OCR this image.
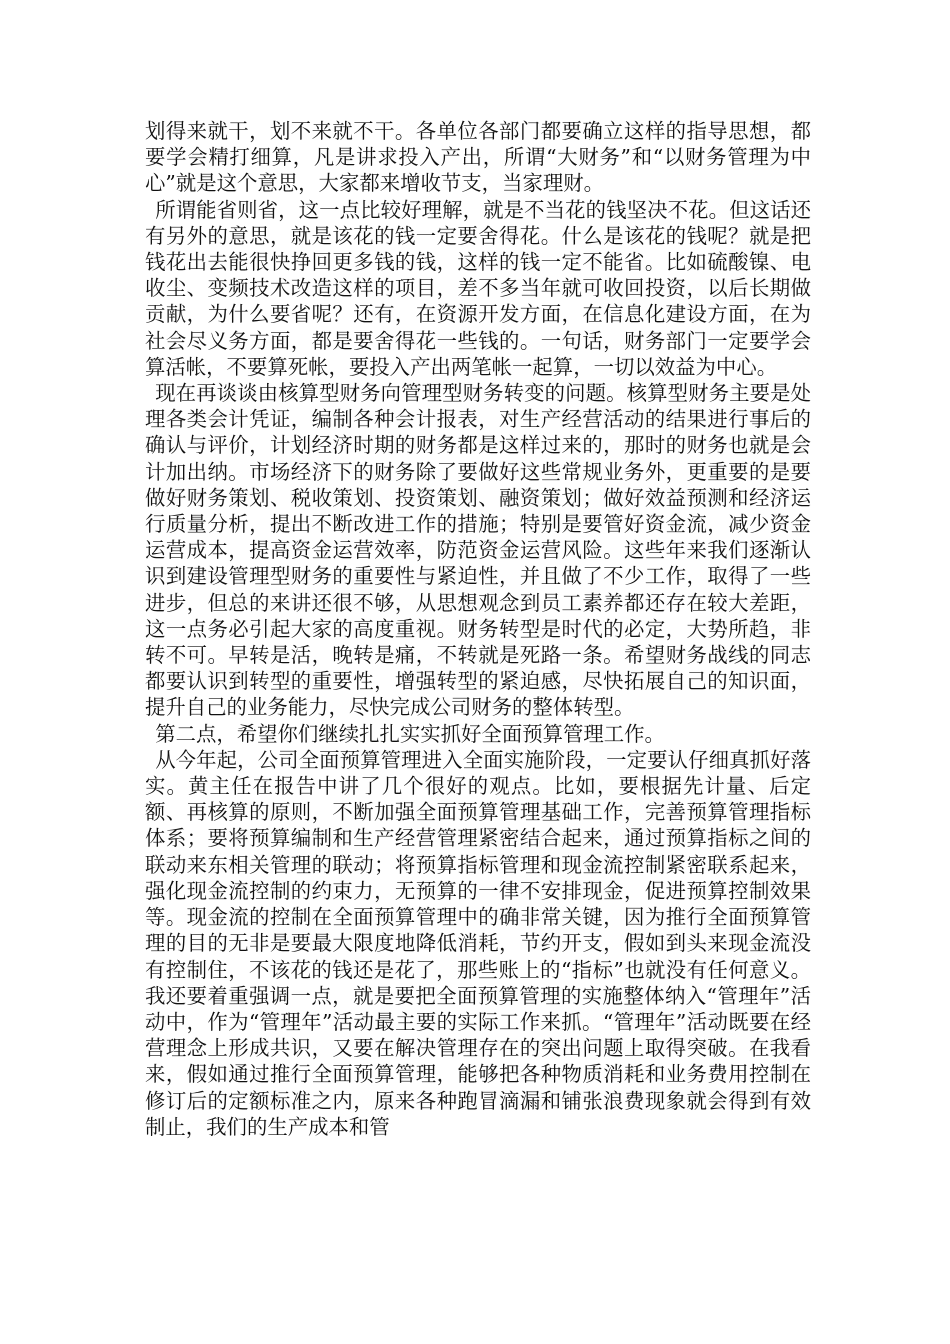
划得来就干，划不来就不干。各单位各部门都要确立这样的指导思想，都要学会精打细算，凡是讲求投入产出，所谓“大财务”和“以财务管理为中心”就是这个意思，大家都来增收节支，当家理财。

所谓能省则省，这一点比较好理解，就是不当花的钱坚决不花。但这话还有另外的意思，就是该花的钱一定要舍得花。什么是该花的钱呢？就是把钱花出去能很快挣回更多钱的钱，这样的钱一定不能省。比如硫酸镍、电收尘、变频技术改造这样的项目，差不多当年就可收回投资，以后长期做贡献，为什么要省呢？还有，在资源开发方面，在信息化建设方面，在为社会尽义务方面，都是要舍得花一些钱的。一句话，财务部门一定要学会算活帐，不要算死帐，要投入产出两笔帐一起算，一切以效益为中心。

现在再谈谈由核算型财务向管理型财务转变的问题。核算型财务主要是处理各类会计凭证，编制各种会计报表，对生产经营活动的结果进行事后的确认与评价，计划经济时期的财务都是这样过来的，那时的财务也就是会计加出纳。市场经济下的财务除了要做好这些常规业务外，更重要的是要做好财务策划、税收策划、投资策划、融资策划；做好效益预测和经济运行质量分析，提出不断改进工作的措施；特别是要管好资金流，减少资金运营成本，提高资金运营效率，防范资金运营风险。这些年来我们逐渐认识到建设管理型财务的重要性与紧迫性，并且做了不少工作，取得了一些进步，但总的来讲还很不够，从思想观念到员工素养都还存在较大差距，这一点务必引起大家的高度重视。财务转型是时代的必定，大势所趋，非转不可。早转是活，晚转是痛，不转就是死路一条。希望财务战线的同志都要认识到转型的重要性，增强转型的紧迫感，尽快拓展自己的知识面，提升自己的业务能力，尽快完成公司财务的整体转型。

第二点，希望你们继续扎扎实实抓好全面预算管理工作。

从今年起，公司全面预算管理进入全面实施阶段，一定要认仔细真抓好落实。黄主任在报告中讲了几个很好的观点。比如，要根据先计量、后定额、再核算的原则，不断加强全面预算管理基础工作，完善预算管理指标体系；要将预算编制和生产经营管理紧密结合起来，通过预算指标之间的联动来东相关管理的联动；将预算指标管理和现金流控制紧密联系起来，强化现金流控制的约束力，无预算的一律不安排现金，促进预算控制效果等。现金流的控制在全面预算管理中的确非常关键，因为推行全面预算管理的目的无非是要最大限度地降低消耗，节约开支，假如到头来现金流没有控制住，不该花的钱还是花了，那些账上的“指标”也就没有任何意义。我还要着重强调一点，就是要把全面预算管理的实施整体纳入“管理年”活动中，作为“管理年”活动最主要的实际工作来抓。“管理年”活动既要在经营理念上形成共识，又要在解决管理存在的突出问题上取得突破。在我看来，假如通过推行全面预算管理，能够把各种物质消耗和业务费用控制在修订后的定额标准之内，原来各种跑冒滴漏和铺张浪费现象就会得到有效制止，我们的生产成本和管
